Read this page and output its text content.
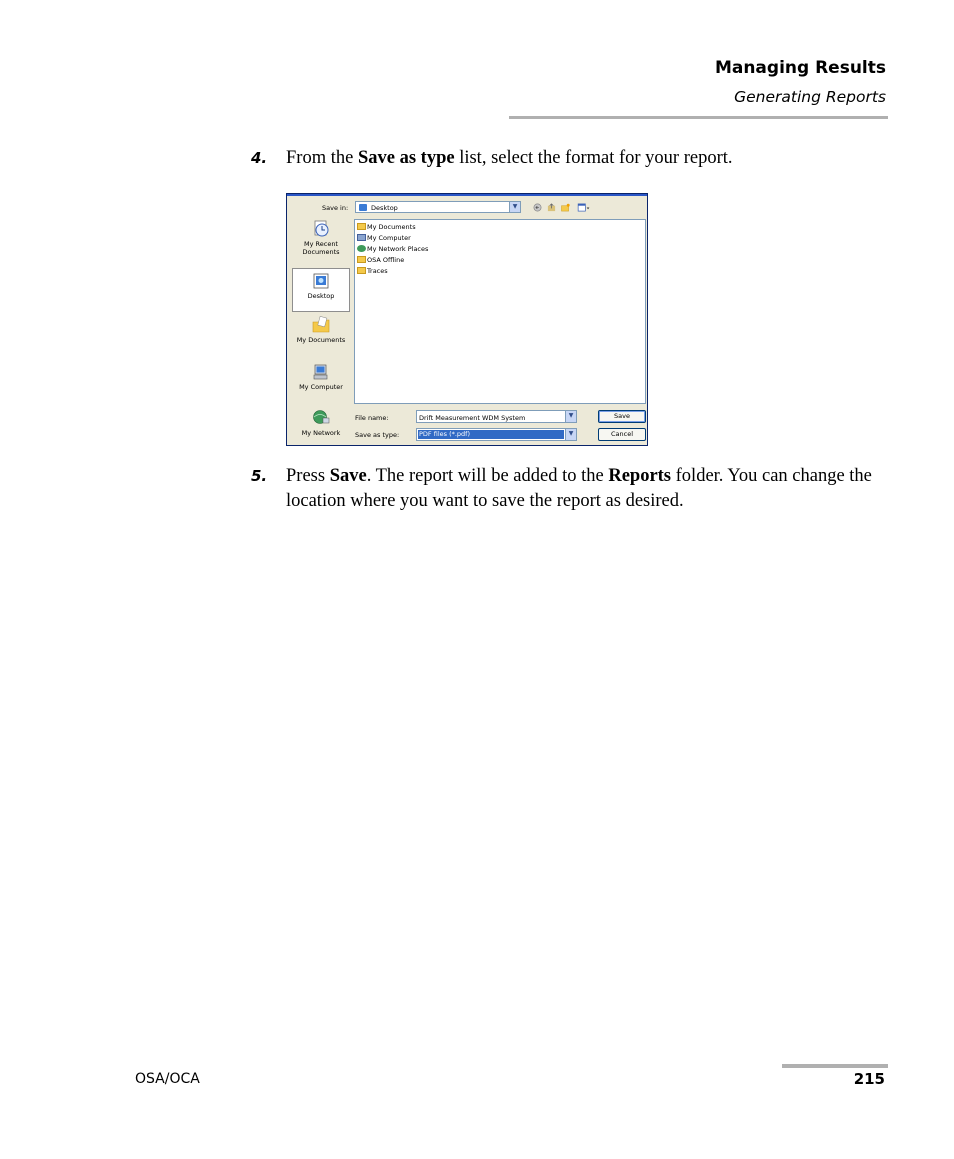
Managing Results
Generating Reports
4. From the Save as type list, select the format for your report.
Save in:	Desktop	▼
My Recent Documents
Desktop
My Documents
My Computer
My Network
My Documents
My Computer
My Network Places
OSA Offline
Traces
File name:	Drift Measurement WDM System	▼
Save as type:	PDF files (*.pdf)	▼
Save
Cancel
5. Press Save. The report will be added to the Reports folder. You can change the location where you want to save the report as desired.
OSA/OCA	215
